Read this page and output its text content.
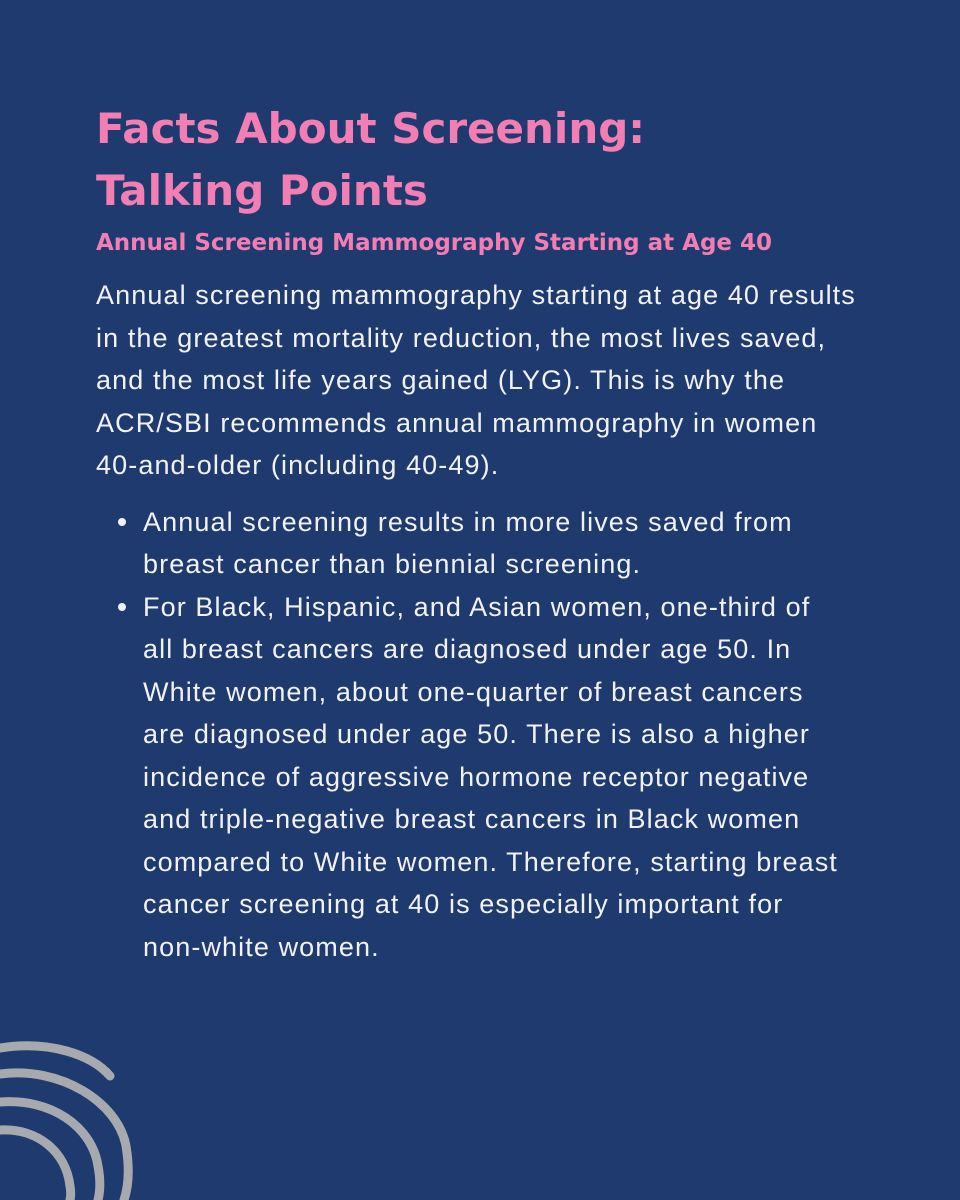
Facts About Screening:
Talking Points
Annual Screening Mammography Starting at Age 40

Annual screening mammography starting at age 40 results in the greatest mortality reduction, the most lives saved, and the most life years gained (LYG). This is why the ACR/SBI recommends annual mammography in women 40-and-older (including 40-49).

Annual screening results in more lives saved from breast cancer than biennial screening.
For Black, Hispanic, and Asian women, one-third of all breast cancers are diagnosed under age 50. In White women, about one-quarter of breast cancers are diagnosed under age 50. There is also a higher incidence of aggressive hormone receptor negative and triple-negative breast cancers in Black women compared to White women. Therefore, starting breast cancer screening at 40 is especially important for non-white women.
